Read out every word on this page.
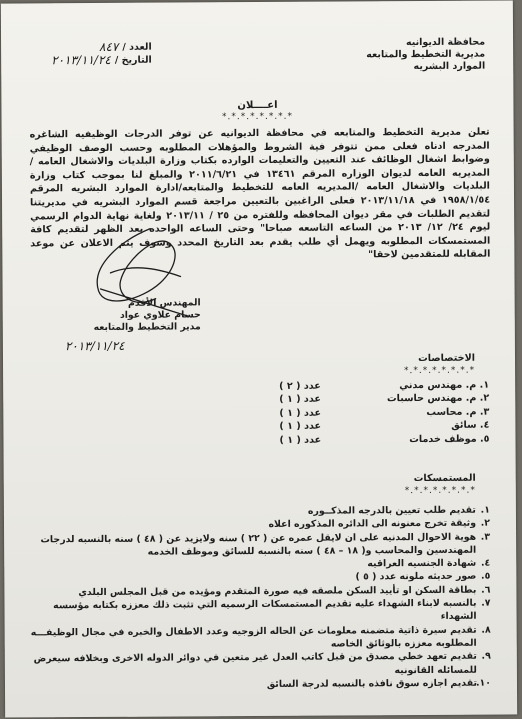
محافظة الديوانيه
مديرية التخطيط والمتابعه
الموارد البشريه
العدد /
٨٤٧
التاريخ /
٢٠١٣/١١/٢٤
اعــــلان
*.*.*.*.*.*.*.*

تعلن مديرية التخطيط والمتابعه في محافظة الديوانيه عن توفر الدرجات الوظيفيه الشاغره المدرجه ادناه فعلى ممن تتوفر فية الشروط والمؤهلات المطلوبه وحسب الوصف الوظيفي وضوابط اشغال الوظائف عند التعيين والتعليمات الوارده بكتاب وزارة البلديات والاشغال العامه / المديريه العامه لديوان الوزاره المرقم ١٣٤٦١ في ٢٠١١/٦/٢١ والمبلغ لنا بموجب كتاب وزارة البلديات والاشغال العامه /المديريه العامه للتخطيط والمتابعه/ادارة الموارد البشريه المرقم ١٩٥٨/١/٥٤ في ٢٠١٣/١١/١٨ فعلى الراغبين بالتعيين مراجعة قسم الموارد البشريه في مديريتنا لتقديم الطلبات في مقر ديوان المحافظه وللفتره من ٢٥ / ٢٠١٣/١١ ولغاية نهاية الدوام الرسمي ليوم ٢٤/ ١٢/ ٢٠١٣ من الساعه التاسعه صباحا" وحتى الساعه الواحده بعد الظهر لتقديم كافة المستمسكات المطلوبه ويهمل أي طلب يقدم بعد التاريخ المحدد وسوف يتم الاعلان عن موعد المقابله للمتقدمين لاحقا"

المهندس الأقدم
حسام علاوي عواد
مدير التخطيط والمتابعه
٢٠١٣/١١/٢٤
الاختصاصات
*.*.*.*.*.*.*.*
١. م. مهندس مدني
عدد ( ٢ )
٢. م. مهندس حاسبات
عدد ( ١ )
٣. م. محاسب
عدد ( ١ )
٤. سائق
عدد ( ١ )
٥. موظف خدمات
عدد ( ١ )
المستمسكات
*.*.*.*.*.*.*.*
١.
تقديم طلب تعيين بالدرجه المذكــوره
٢.
وثيقة تخرج معنونه الى الدائره المذكوره اعلاه
٣.
هوية الاحوال المدنيه على ان لايقل عمره عن ( ٢٢ ) سنه ولايزيد عن ( ٤٨ ) سنه بالنسبه لدرجات المهندسين والمحاسب و( ١٨ – ٤٨ ) سنه بالنسبه للسائق وموظف الخدمه
٤.
شهادة الجنسيه العراقيه
٥.
صور حديثه ملونه عدد ( ٥ )
٦.
بطاقة السكن او تأييد السكن ملصقه فيه صورة المتقدم ومؤيده من قبل المجلس البلدي
٧.
بالنسبه لابناء الشهداء عليه تقديم المستمسكات الرسميه التي تثبت ذلك معززه بكتابه مؤسسه الشهداء
٨.
تقديم سيرة ذاتية متضمنه معلومات عن الحاله الزوجيه وعدد الاطفال والخبره في مجال الوظيفـــه المطلوبه معززه بالوثائق الخاصه
٩.
تقديم تعهد خطي مصدق من قبل كاتب العدل غير متعين في دوائر الدوله الاخرى وبخلافه سيعرض للمسائله القانونيه
١٠.
تقديم اجازه سوق نافذه بالنسبه لدرجة السائق
